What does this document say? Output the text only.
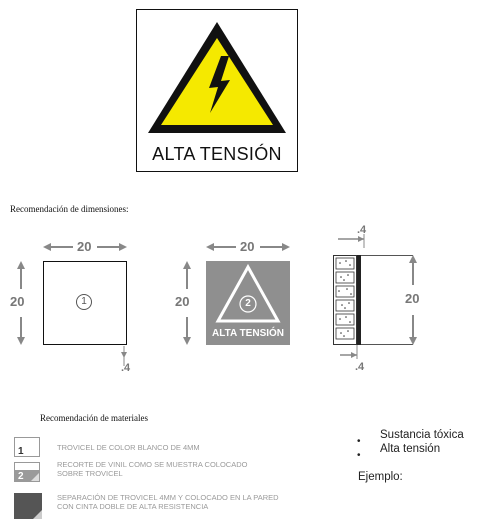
ALTA TENSIÓN
Recomendación de dimensiones:
20
20	1
.4
20
20	2
ALTA TENSIÓN
.4
20
.4
Recomendación de materiales
1	TROVICEL DE COLOR BLANCO DE 4MM
2
RECORTE DE VINIL COMO SE MUESTRA COLOCADO SOBRE TROVICEL
SEPARACIÓN DE TROVICEL 4MM Y COLOCADO EN LA PARED CON CINTA DOBLE DE ALTA RESISTENCIA
•
Sustancia tóxica
•
Alta tensión
Ejemplo:
